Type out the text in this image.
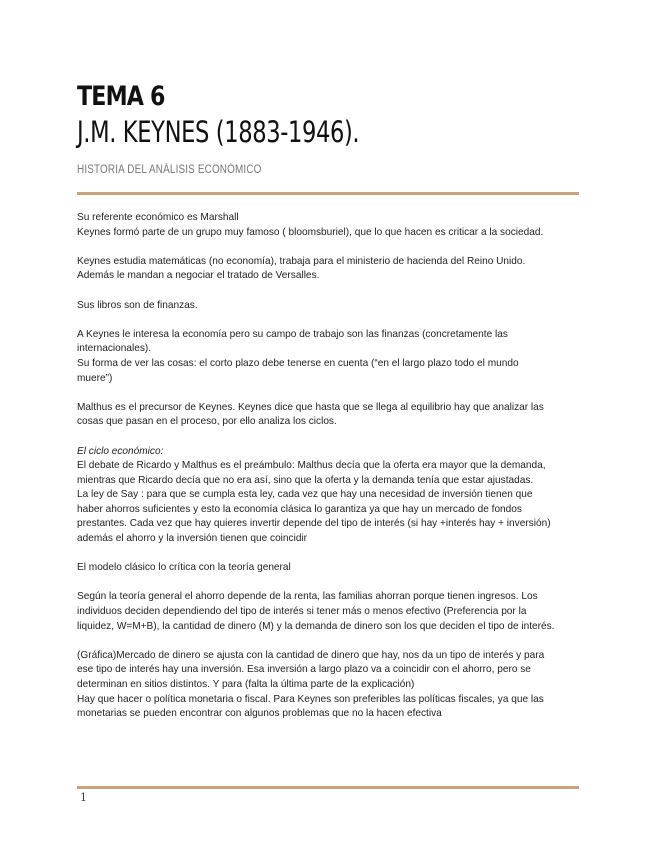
TEMA 6
J.M. KEYNES (1883-1946).
HISTORIA DEL ANÁLISIS ECONÓMICO

Su referente económico es Marshall

Keynes formó parte de un grupo muy famoso ( bloomsburiel), que lo que hacen es criticar a la sociedad.

Keynes estudia matemáticas (no economía), trabaja para el ministerio de hacienda del Reino Unido.

Además le mandan a negociar el tratado de Versalles.

Sus libros son de finanzas.

A Keynes le interesa la economía pero su campo de trabajo son las finanzas (concretamente las

internacionales).

Su forma de ver las cosas: el corto plazo debe tenerse en cuenta (“en el largo plazo todo el mundo

muere”)

Malthus es el precursor de Keynes. Keynes dice que hasta que se llega al equilibrio hay que analizar las

cosas que pasan en el proceso, por ello analiza los ciclos.

El ciclo económico:

El debate de Ricardo y Malthus es el preámbulo: Malthus decía que la oferta era mayor que la demanda,

mientras que Ricardo decía que no era así, sino que la oferta y la demanda tenía que estar ajustadas.

La ley de Say : para que se cumpla esta ley, cada vez que hay una necesidad de inversión tienen que

haber ahorros suficientes y esto la economía clásica lo garantiza ya que hay un mercado de fondos

prestantes. Cada vez que hay quieres invertir depende del tipo de interés (si hay +interés hay + inversión)

además el ahorro y la inversión tienen que coincidir

El modelo clásico lo crítica con la teoría general

Según la teoría general el ahorro depende de la renta, las familias ahorran porque tienen ingresos. Los

individuos deciden dependiendo del tipo de interés si tener más o menos efectivo (Preferencia por la

liquidez, W=M+B), la cantidad de dinero (M) y la demanda de dinero son los que deciden el tipo de interés.

(Gráfica)Mercado de dinero se ajusta con la cantidad de dinero que hay, nos da un tipo de interés y para

ese tipo de interés hay una inversión. Esa inversión a largo plazo va a coincidir con el ahorro, pero se

determinan en sitios distintos. Y para (falta la última parte de la explicación)

Hay que hacer o política monetaria o fiscal. Para Keynes son preferibles las políticas fiscales, ya que las

monetarias se pueden encontrar con algunos problemas que no la hacen efectiva

1
